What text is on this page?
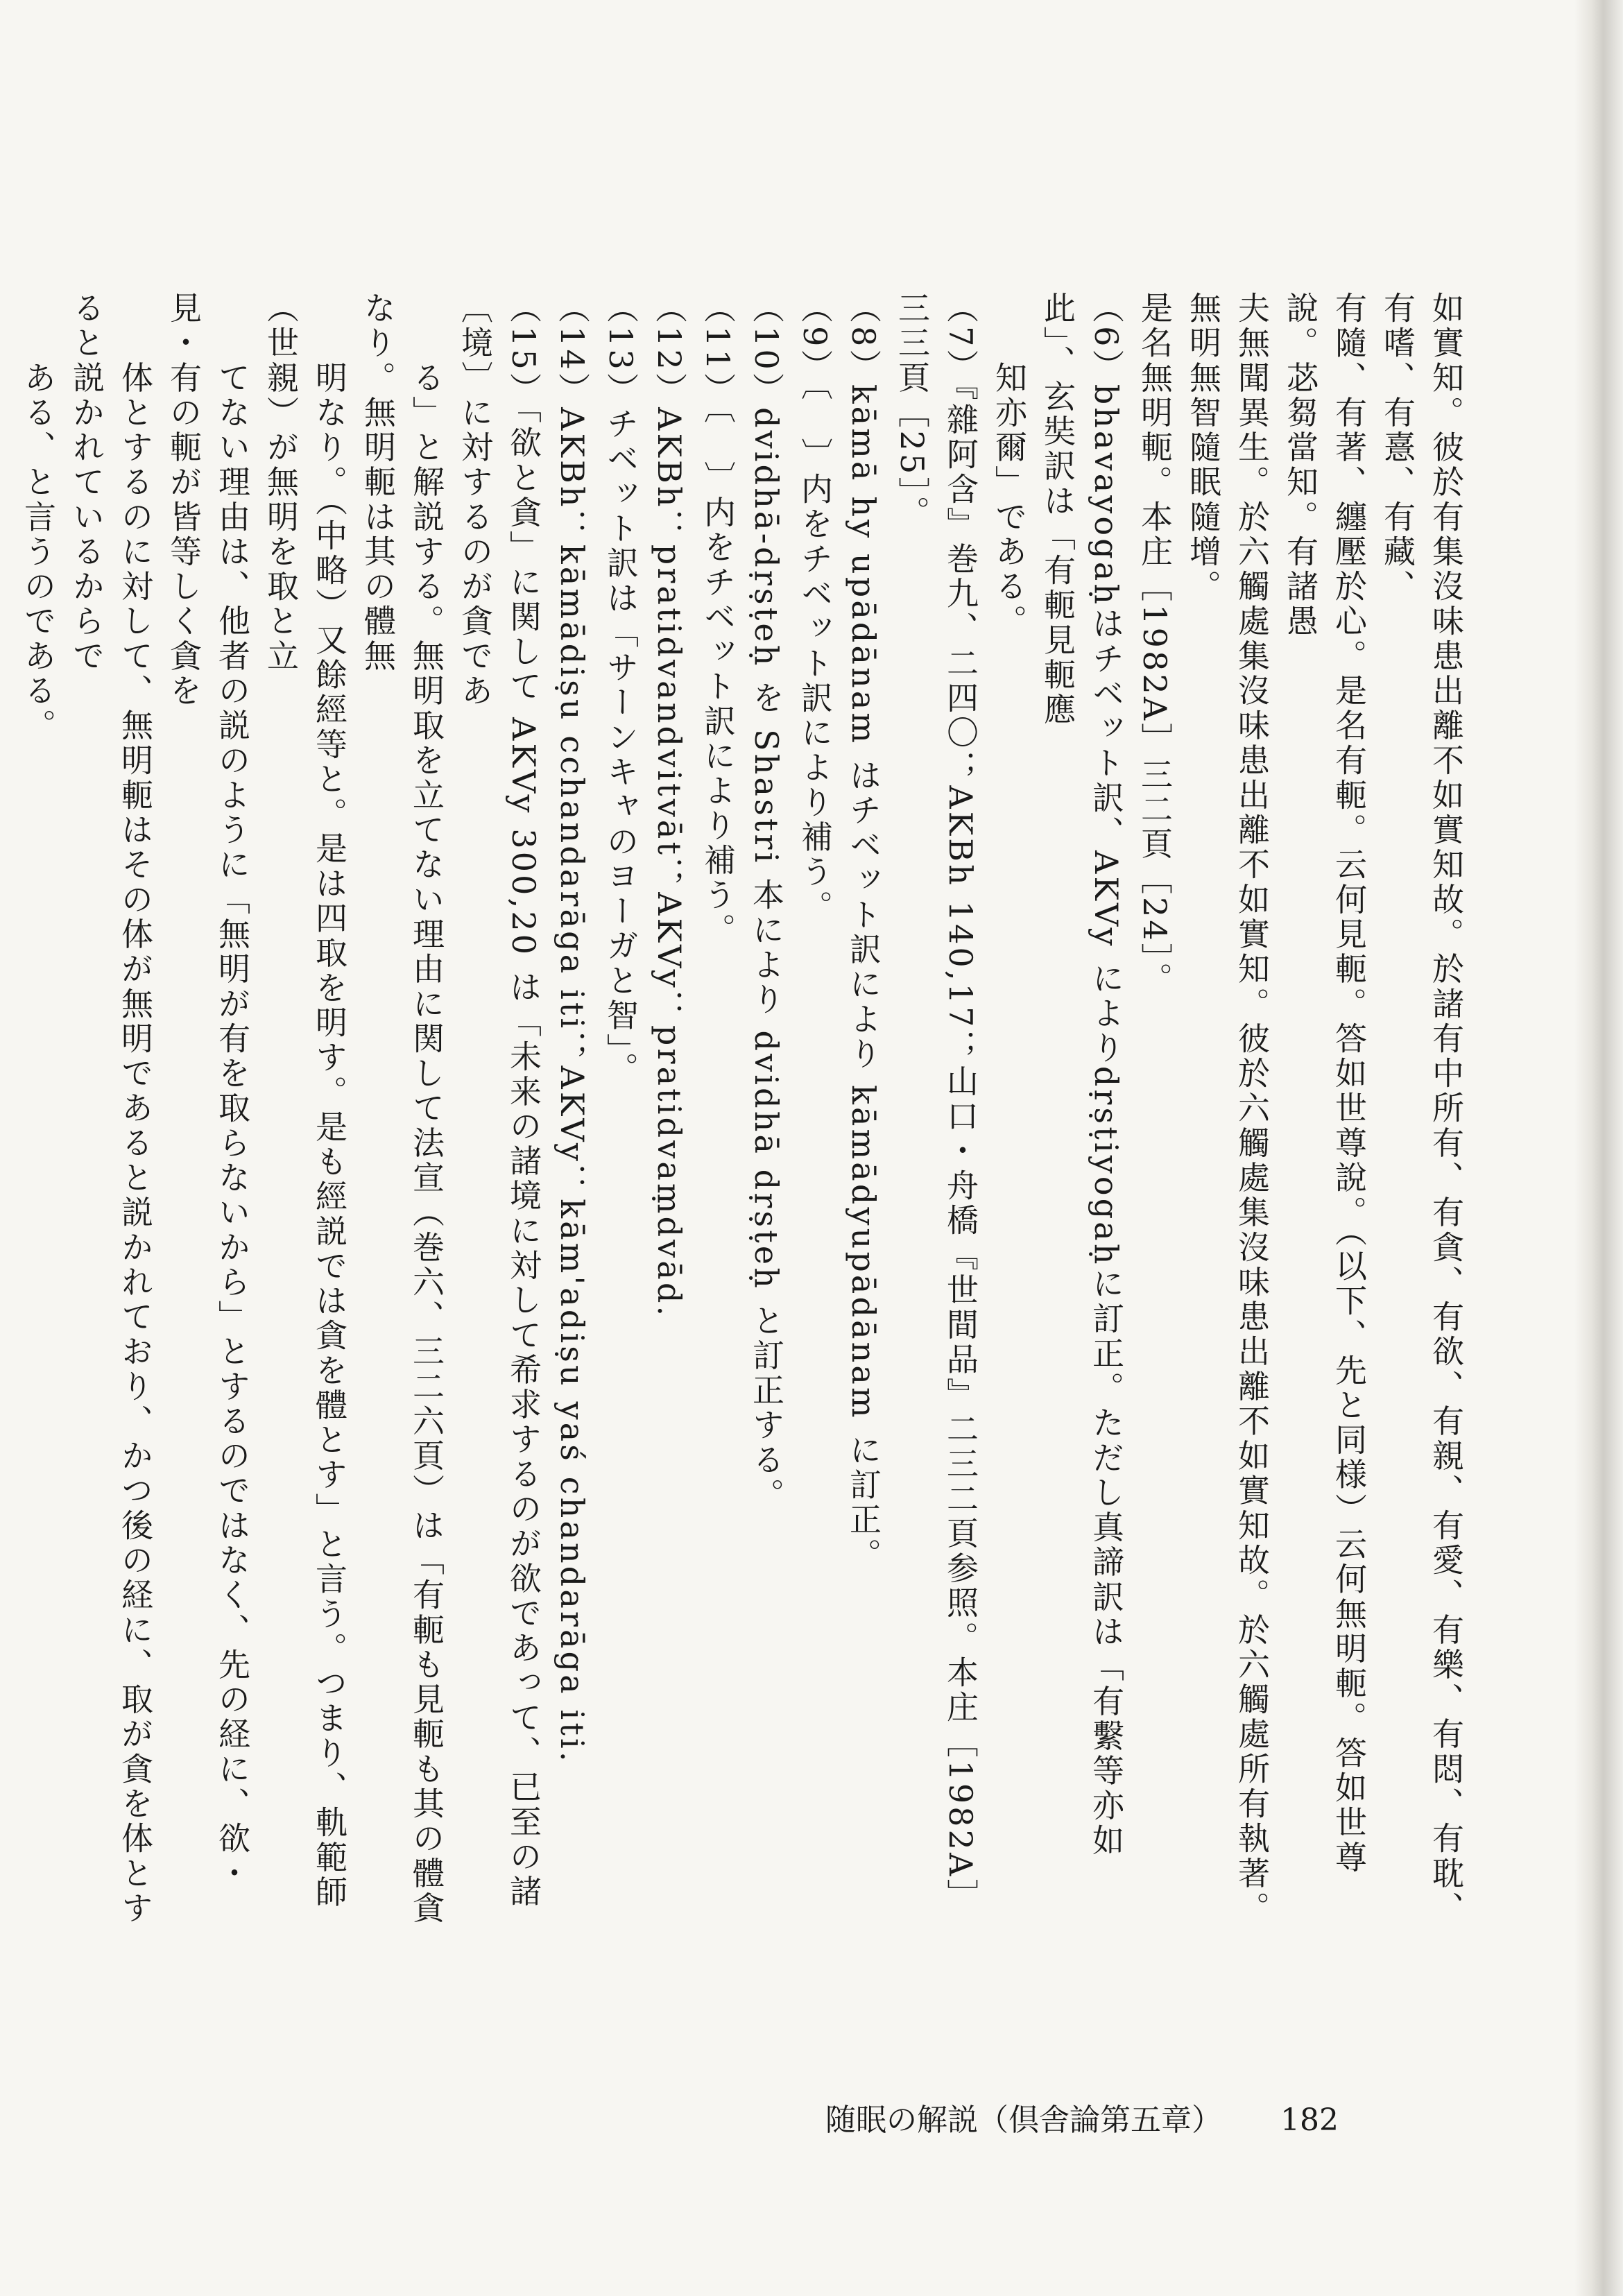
如實知。彼於有集沒味患出離不如實知故。於諸有中所有、有貪、有欲、有親、有愛、有樂、有悶、有耽、有嗜、有憙、有藏、

有隨、有著、纏壓於心。是名有軛。云何見軛。答如世尊說。（以下、先と同様）云何無明軛。答如世尊說。苾芻當知。有諸愚

夫無聞異生。於六觸處集沒味患出離不如實知。彼於六觸處集沒味患出離不如實知故。於六觸處所有執著。無明無智隨眠隨增。

是名無明軛。本庄［1982A］三二頁［24］。

（6）bhavayogaḥはチベット訳、AKVy によりdṛṣṭiyogaḥに訂正。ただし真諦訳は「有繫等亦如此」、玄奘訳は「有軛見軛應

　　知亦爾」である。

（7）『雜阿含』巻九、二四〇；AKBh 140,17；山口・舟橋『世間品』二三二頁参照。本庄［1982A］三三頁［25］。

（8）kāmā hy upādānam はチベット訳により kāmādyupādānam に訂正。

（9）〔　〕内をチベット訳により補う。

（10）dvidhā-dṛṣṭeḥ を Shastri 本により dvidhā dṛṣṭeḥ と訂正する。

（11）〔　〕内をチベット訳により補う。

（12）AKBh：pratidvandvitvāt；AKVy：pratidvaṃdvād.

（13）チベット訳は「サーンキャのヨーガと智」。

（14）AKBh：kāmādiṣu cchandarāga iti；AKVy：kām'adiṣu yaś chandarāga iti.

（15）「欲と貪」に関して AKVy 300,20 は「未来の諸境に対して希求するのが欲であって、已至の諸〔境〕に対するのが貪であ

　　る」と解説する。無明取を立てない理由に関して法宣（巻六、三二六頁）は「有軛も見軛も其の體貪なり。無明軛は其の體無

　　明なり。（中略）又餘經等と。是は四取を明す。是も經説では貪を體とす」と言う。つまり、軌範師（世親）が無明を取と立

　　てない理由は、他者の説のように「無明が有を取らないから」とするのではなく、先の経に、欲・見・有の軛が皆等しく貪を

　　体とするのに対して、無明軛はその体が無明であると説かれており、かつ後の経に、取が貪を体とすると説かれているからで

　　ある、と言うのである。

随眠の解説（倶舎論第五章） 182
